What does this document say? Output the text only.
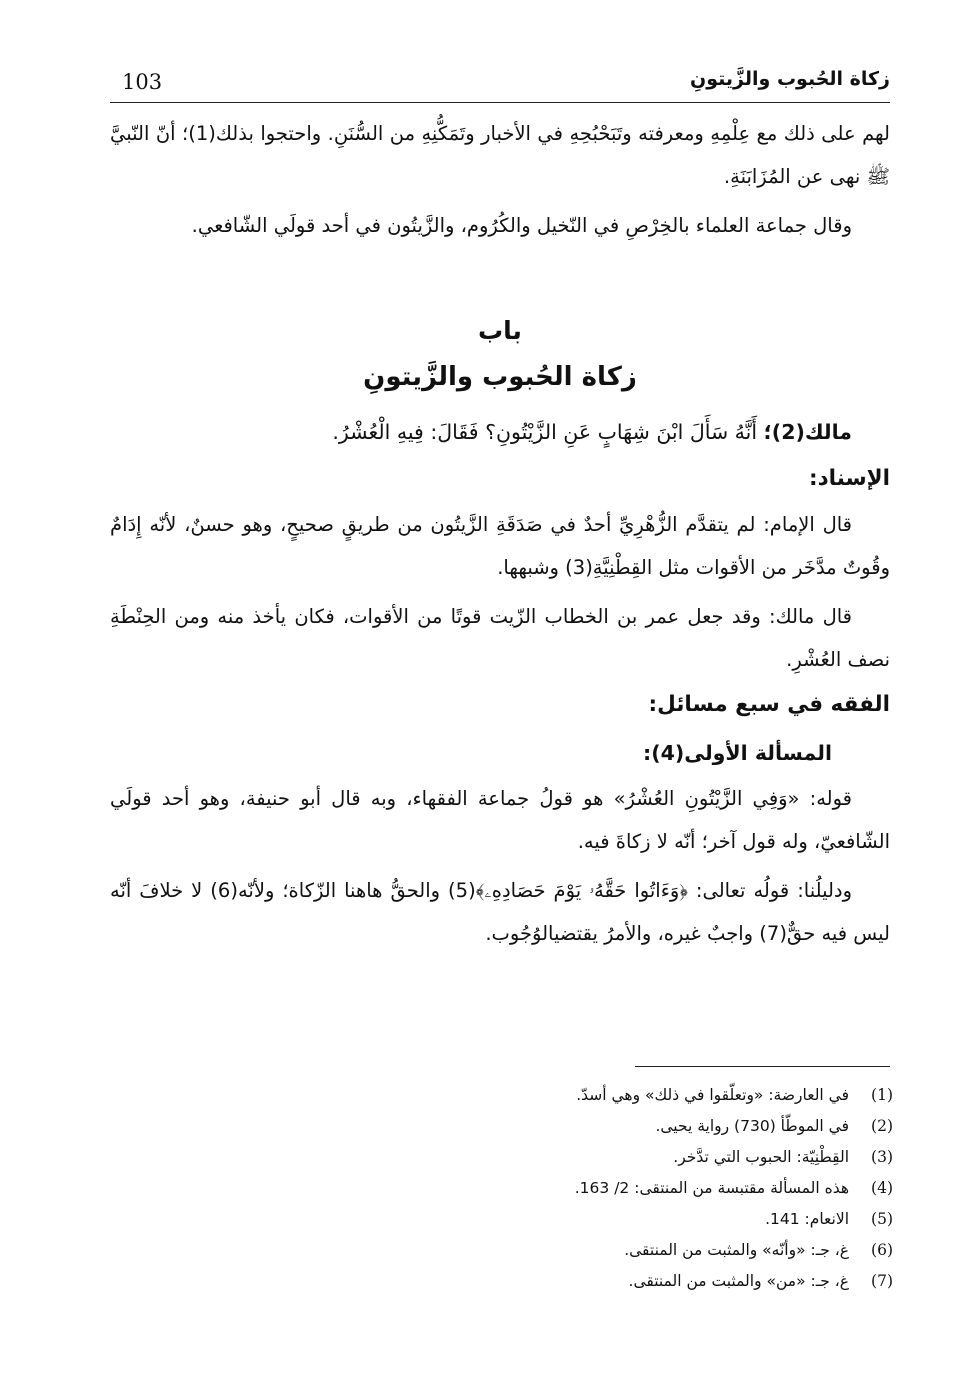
زكاة الحُبوب والزَّيتونِ
103

لهم على ذلك مع عِلْمِهِ ومعرفته وتَبَحْبُحِهِ في الأخبار وتَمَكُّنِهِ من السُّنَنِ. واحتجوا بذلك(1)؛ أنّ النّبيَّ ﷺ نهى عن المُزَابَنَةِ.

وقال جماعة العلماء بالخِرْصِ في النّخيل والكُرُوم، والزَّيتُون في أحد قولَي الشّافعي.

باب
زكاة الحُبوب والزَّيتونِ

مالك(2)؛ أَنَّهُ سَأَلَ ابْنَ شِهَابٍ عَنِ الزَّيْتُونِ؟ فَقَالَ: فِيهِ الْعُشْرُ.

الإسناد:

قال الإمام: لم يتقدَّم الزُّهْرِيِّ أحدٌ في صَدَقَةِ الزَّيتُون من طريقٍ صحيحٍ، وهو حسنٌ، لأنّه إِدَامٌ وقُوتٌ مدَّخَر من الأقوات مثل القِطْنِيَّةِ(3) وشبهها.

قال مالك: وقد جعل عمر بن الخطاب الزّيت قوتًا من الأقوات، فكان يأخذ منه ومن الحِنْطَةِ نصف العُشْرِ.

الفقه في سبع مسائل:
المسألة الأولى(4):

قوله: «وَفِي الزَّيْتُونِ العُشْرُ» هو قولُ جماعة الفقهاء، وبه قال أبو حنيفة، وهو أحد قولَي الشّافعيّ، وله قول آخر؛ أنّه لا زكاةَ فيه.

ودليلُنا: قولُه تعالى: ﴿وَءَاتُوا حَقَّهُۥ يَوْمَ حَصَادِهِۦ﴾(5) والحقُّ هاهنا الزّكاة؛ ولأنّه(6) لا خلافَ أنّه ليس فيه حقٌّ(7) واجبٌ غيره، والأمرُ يقتضيالوُجُوب.

(1)
في العارضة: «وتعلّقوا في ذلك» وهي أسدّ.
(2)
في الموطّأ (730) رواية يحيى.
(3)
القِطْنِيّة: الحبوب التي تدَّخر.
(4)
هذه المسألة مقتبسة من المنتقى: 2/ 163.
(5)
الانعام: 141.
(6)
غ، جـ: «وأنّه» والمثبت من المنتقى.
(7)
غ، جـ: «من» والمثبت من المنتقى.
